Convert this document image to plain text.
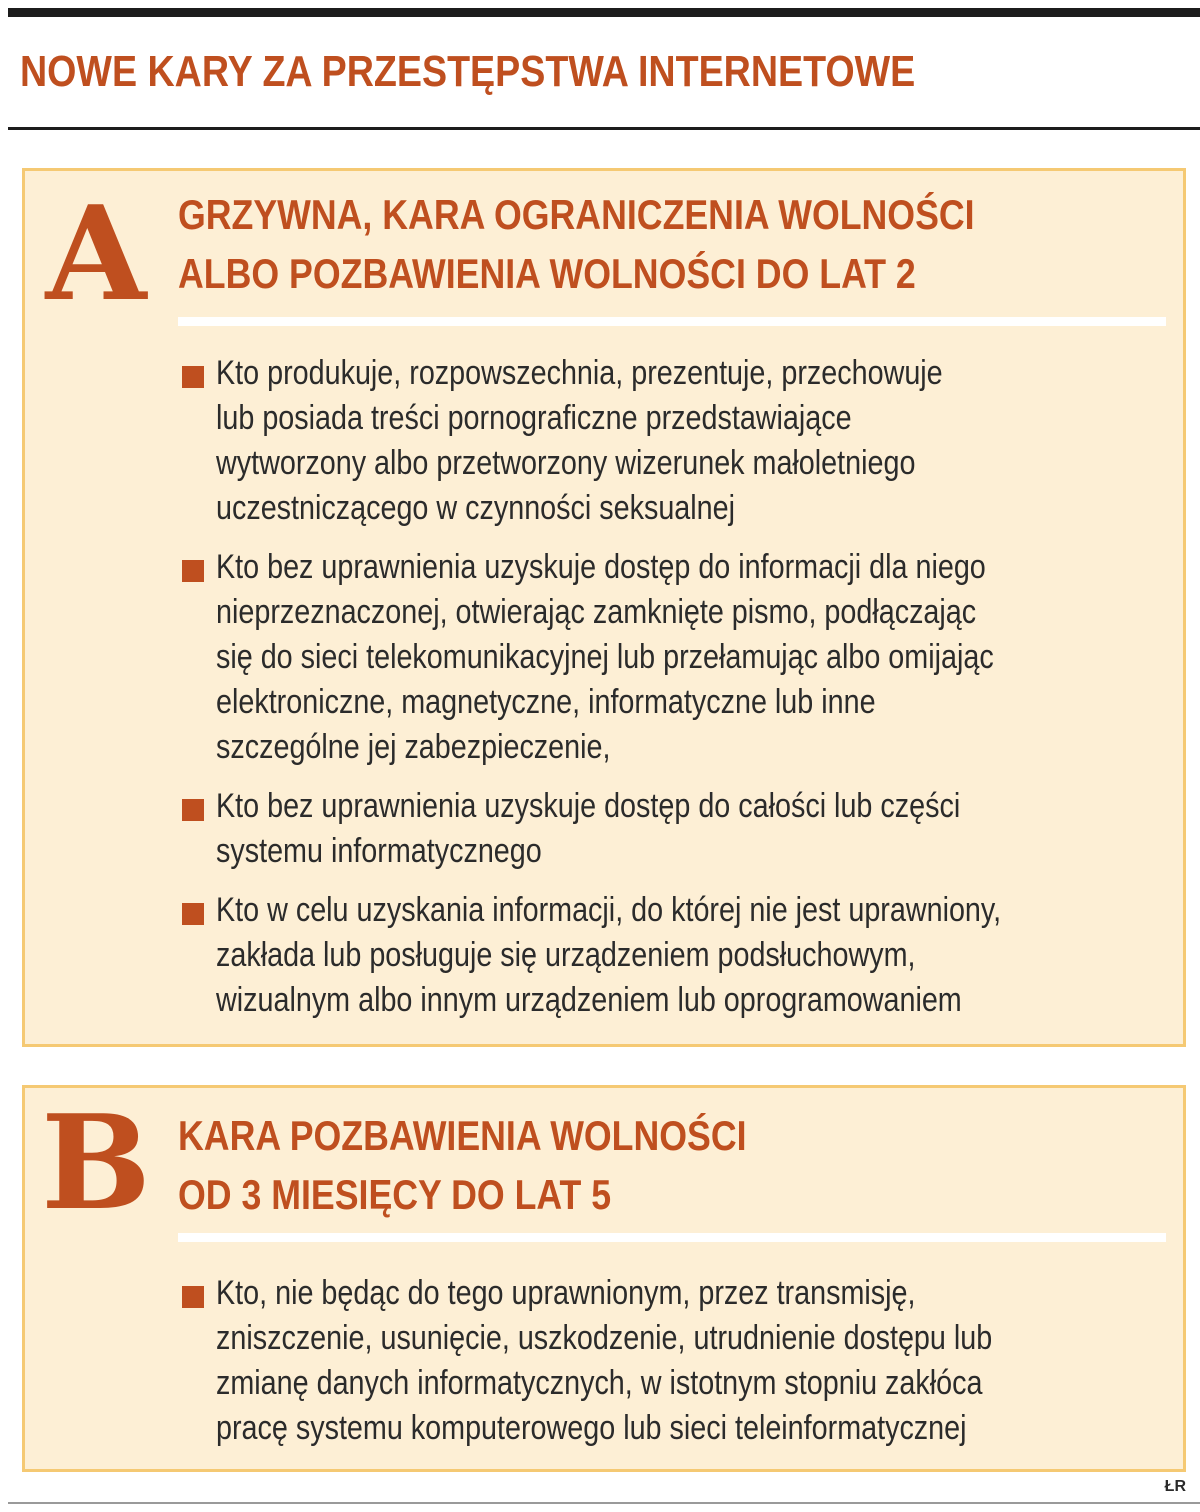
NOWE KARY ZA PRZESTĘPSTWA INTERNETOWE
A GRZYWNA, KARA OGRANICZENIA WOLNOŚCI
ALBO POZBAWIENIA WOLNOŚCI DO LAT 2
Kto produkuje, rozpowszechnia, prezentuje, przechowuje
lub posiada treści pornograficzne przedstawiające
wytworzony albo przetworzony wizerunek małoletniego
uczestniczącego w czynności seksualnej
Kto bez uprawnienia uzyskuje dostęp do informacji dla niego
nieprzeznaczonej, otwierając zamknięte pismo, podłączając
się do sieci telekomunikacyjnej lub przełamując albo omijając
elektroniczne, magnetyczne, informatyczne lub inne
szczególne jej zabezpieczenie,
Kto bez uprawnienia uzyskuje dostęp do całości lub części
systemu informatycznego
Kto w celu uzyskania informacji, do której nie jest uprawniony,
zakłada lub posługuje się urządzeniem podsłuchowym,
wizualnym albo innym urządzeniem lub oprogramowaniem
B KARA POZBAWIENIA WOLNOŚCI
OD 3 MIESIĘCY DO LAT 5
Kto, nie będąc do tego uprawnionym, przez transmisję,
zniszczenie, usunięcie, uszkodzenie, utrudnienie dostępu lub
zmianę danych informatycznych, w istotnym stopniu zakłóca
pracę systemu komputerowego lub sieci teleinformatycznej
ŁR
